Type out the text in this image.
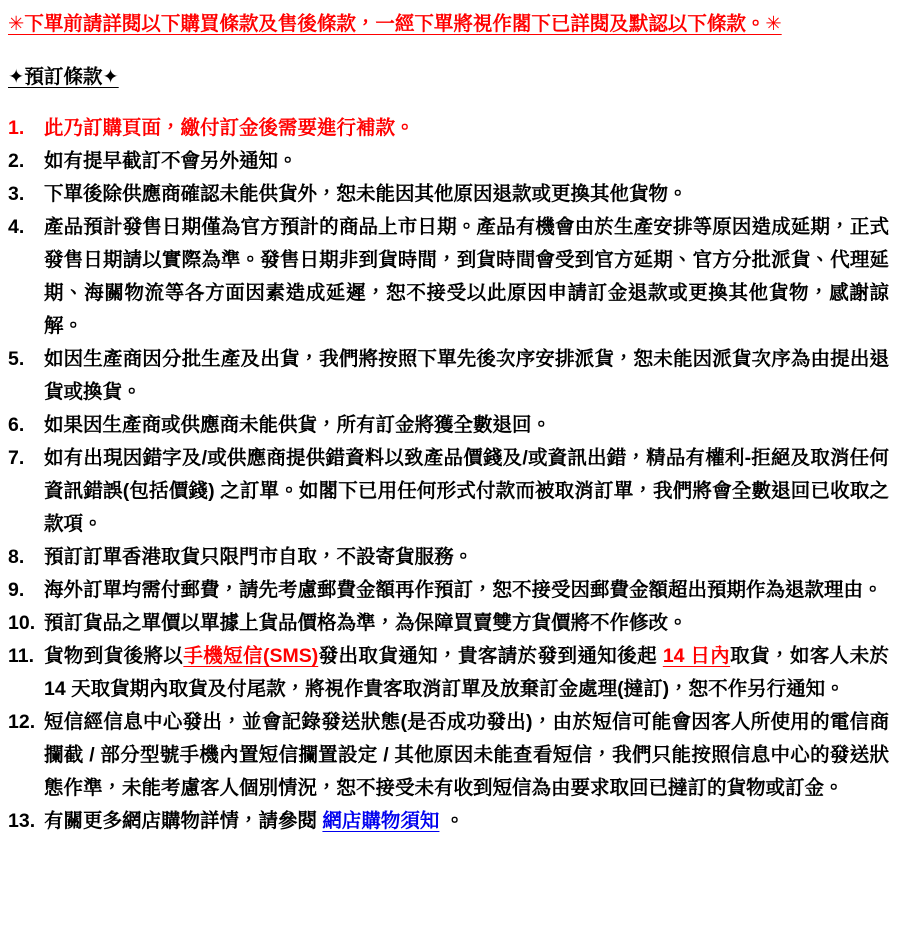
✳下單前請詳閱以下購買條款及售後條款，一經下單將視作閣下已詳閱及默認以下條款。✳
✦預訂條款✦
1.	此乃訂購頁面，繳付訂金後需要進行補款。
2.	如有提早截訂不會另外通知。
3.	下單後除供應商確認未能供貨外，恕未能因其他原因退款或更換其他貨物。
4.	產品預計發售日期僅為官方預計的商品上市日期。產品有機會由於生產安排等原因造成延期，正式發售日期請以實際為準。發售日期非到貨時間，到貨時間會受到官方延期、官方分批派貨、代理延期、海關物流等各方面因素造成延遲，恕不接受以此原因申請訂金退款或更換其他貨物，感謝諒解。
5.	如因生產商因分批生產及出貨，我們將按照下單先後次序安排派貨，恕未能因派貨次序為由提出退貨或換貨。
6.	如果因生產商或供應商未能供貨，所有訂金將獲全數退回。
7.	如有出現因錯字及/或供應商提供錯資料以致產品價錢及/或資訊出錯，精品有權利-拒絕及取消任何資訊錯誤(包括價錢) 之訂單。如閣下已用任何形式付款而被取消訂單，我們將會全數退回已收取之款項。
8.	預訂訂單香港取貨只限門市自取，不設寄貨服務。
9.	海外訂單均需付郵費，請先考慮郵費金額再作預訂，恕不接受因郵費金額超出預期作為退款理由。
10. 預訂貨品之單價以單據上貨品價格為準，為保障買賣雙方貨價將不作修改。
11. 貨物到貨後將以手機短信(SMS)發出取貨通知，貴客請於發到通知後起 14 日內取貨，如客人未於 14 天取貨期內取貨及付尾款，將視作貴客取消訂單及放棄訂金處理(撻訂)，恕不作另行通知。
12. 短信經信息中心發出，並會記錄發送狀態(是否成功發出)，由於短信可能會因客人所使用的電信商攔截 / 部分型號手機內置短信攔置設定 / 其他原因未能查看短信，我們只能按照信息中心的發送狀態作準，未能考慮客人個別情況，恕不接受未有收到短信為由要求取回已撻訂的貨物或訂金。
13. 有關更多網店購物詳情，請參閱 網店購物須知 。
